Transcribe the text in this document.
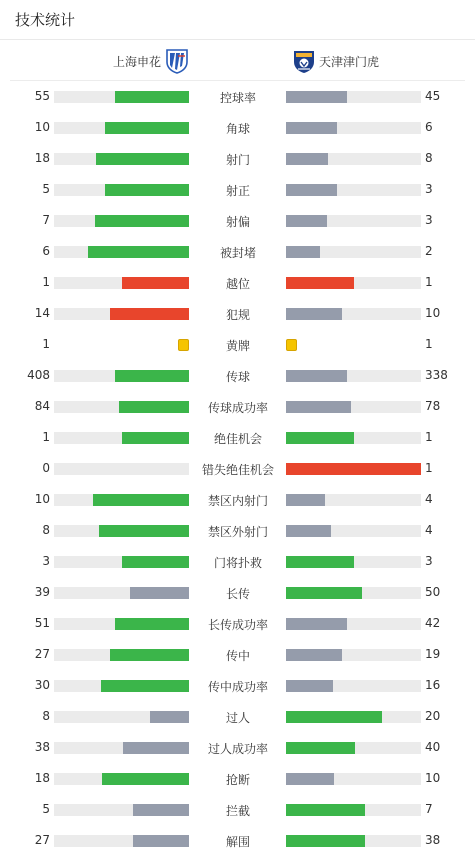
技术统计
上海申花	天津津门虎
55	控球率	45
10	角球	6
18	射门	8
5	射正	3
7	射偏	3
6	被封堵	2
1	越位	1
14	犯规	10
1	黄牌	1
408	传球	338
84	传球成功率	78
1	绝佳机会	1
0	错失绝佳机会	1
10	禁区内射门	4
8	禁区外射门	4
3	门将扑救	3
39	长传	50
51	长传成功率	42
27	传中	19
30	传中成功率	16
8	过人	20
38	过人成功率	40
18	抢断	10
5	拦截	7
27	解围	38
